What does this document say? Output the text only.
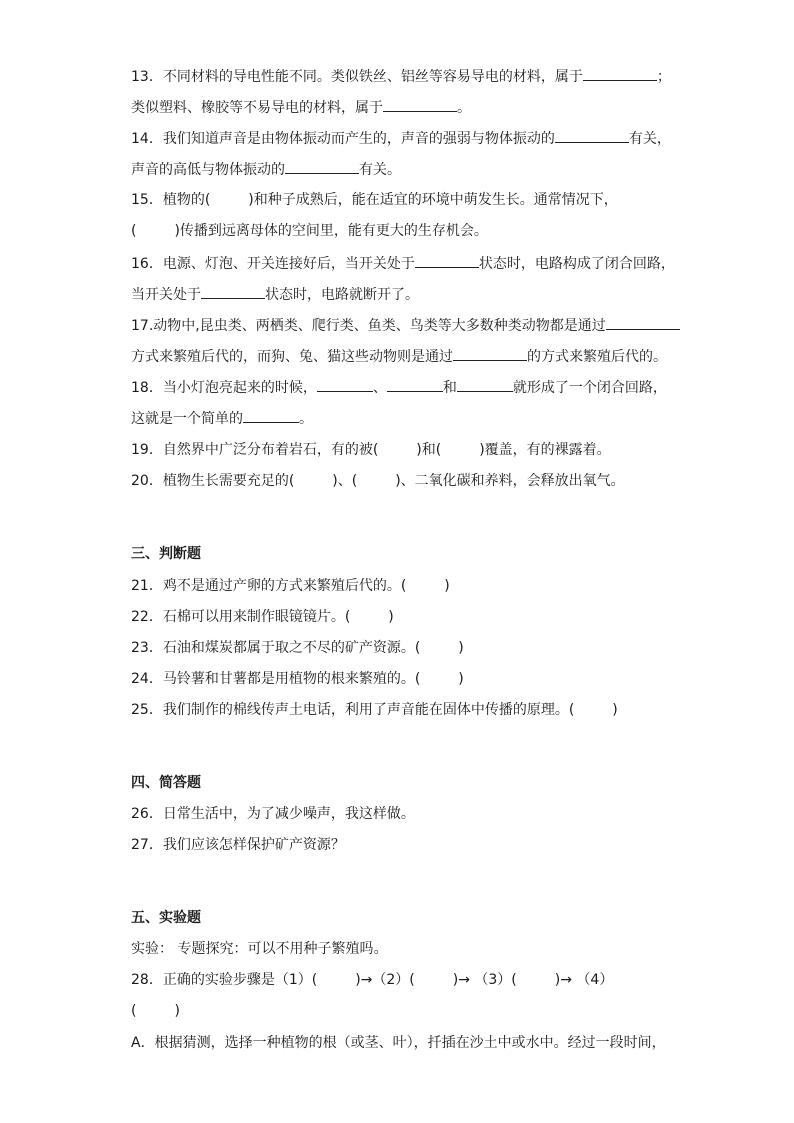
13．不同材料的导电性能不同。类似铁丝、铝丝等容易导电的材料，属于	；
类似塑料、橡胶等不易导电的材料，属于	。
14．我们知道声音是由物体振动而产生的，声音的强弱与物体振动的	有关，
声音的高低与物体振动的	有关。
15．植物的(	)和种子成熟后，能在适宜的环境中萌发生长。通常情况下，
(	)传播到远离母体的空间里，能有更大的生存机会。
16．电源、灯泡、开关连接好后，当开关处于	状态时，电路构成了闭合回路，
当开关处于	状态时，电路就断开了。
17.动物中,昆虫类、两栖类、爬行类、鱼类、鸟类等大多数种类动物都是通过
方式来繁殖后代的，而狗、兔、猫这些动物则是通过	的方式来繁殖后代的。
18．当小灯泡亮起来的时候，	、	和	就形成了一个闭合回路，
这就是一个简单的	。
19．自然界中广泛分布着岩石，有的被(	)和(	)覆盖，有的裸露着。
20．植物生长需要充足的(	)、(	)、二氧化碳和养料，会释放出氧气。
三、判断题
21．鸡不是通过产卵的方式来繁殖后代的。(	)
22．石棉可以用来制作眼镜镜片。(	)
23．石油和煤炭都属于取之不尽的矿产资源。(	)
24．马铃薯和甘薯都是用植物的根来繁殖的。(	)
25．我们制作的棉线传声土电话，利用了声音能在固体中传播的原理。(	)
四、简答题
26．日常生活中，为了减少噪声，我这样做。
27．我们应该怎样保护矿产资源？
五、实验题
实验： 专题探究：可以不用种子繁殖吗。
28．正确的实验步骤是（1）(	)→（2）(	)→ （3）(	)→ （4）
(	)
A．根据猜测，选择一种植物的根（或茎、叶），扦插在沙土中或水中。经过一段时间，
